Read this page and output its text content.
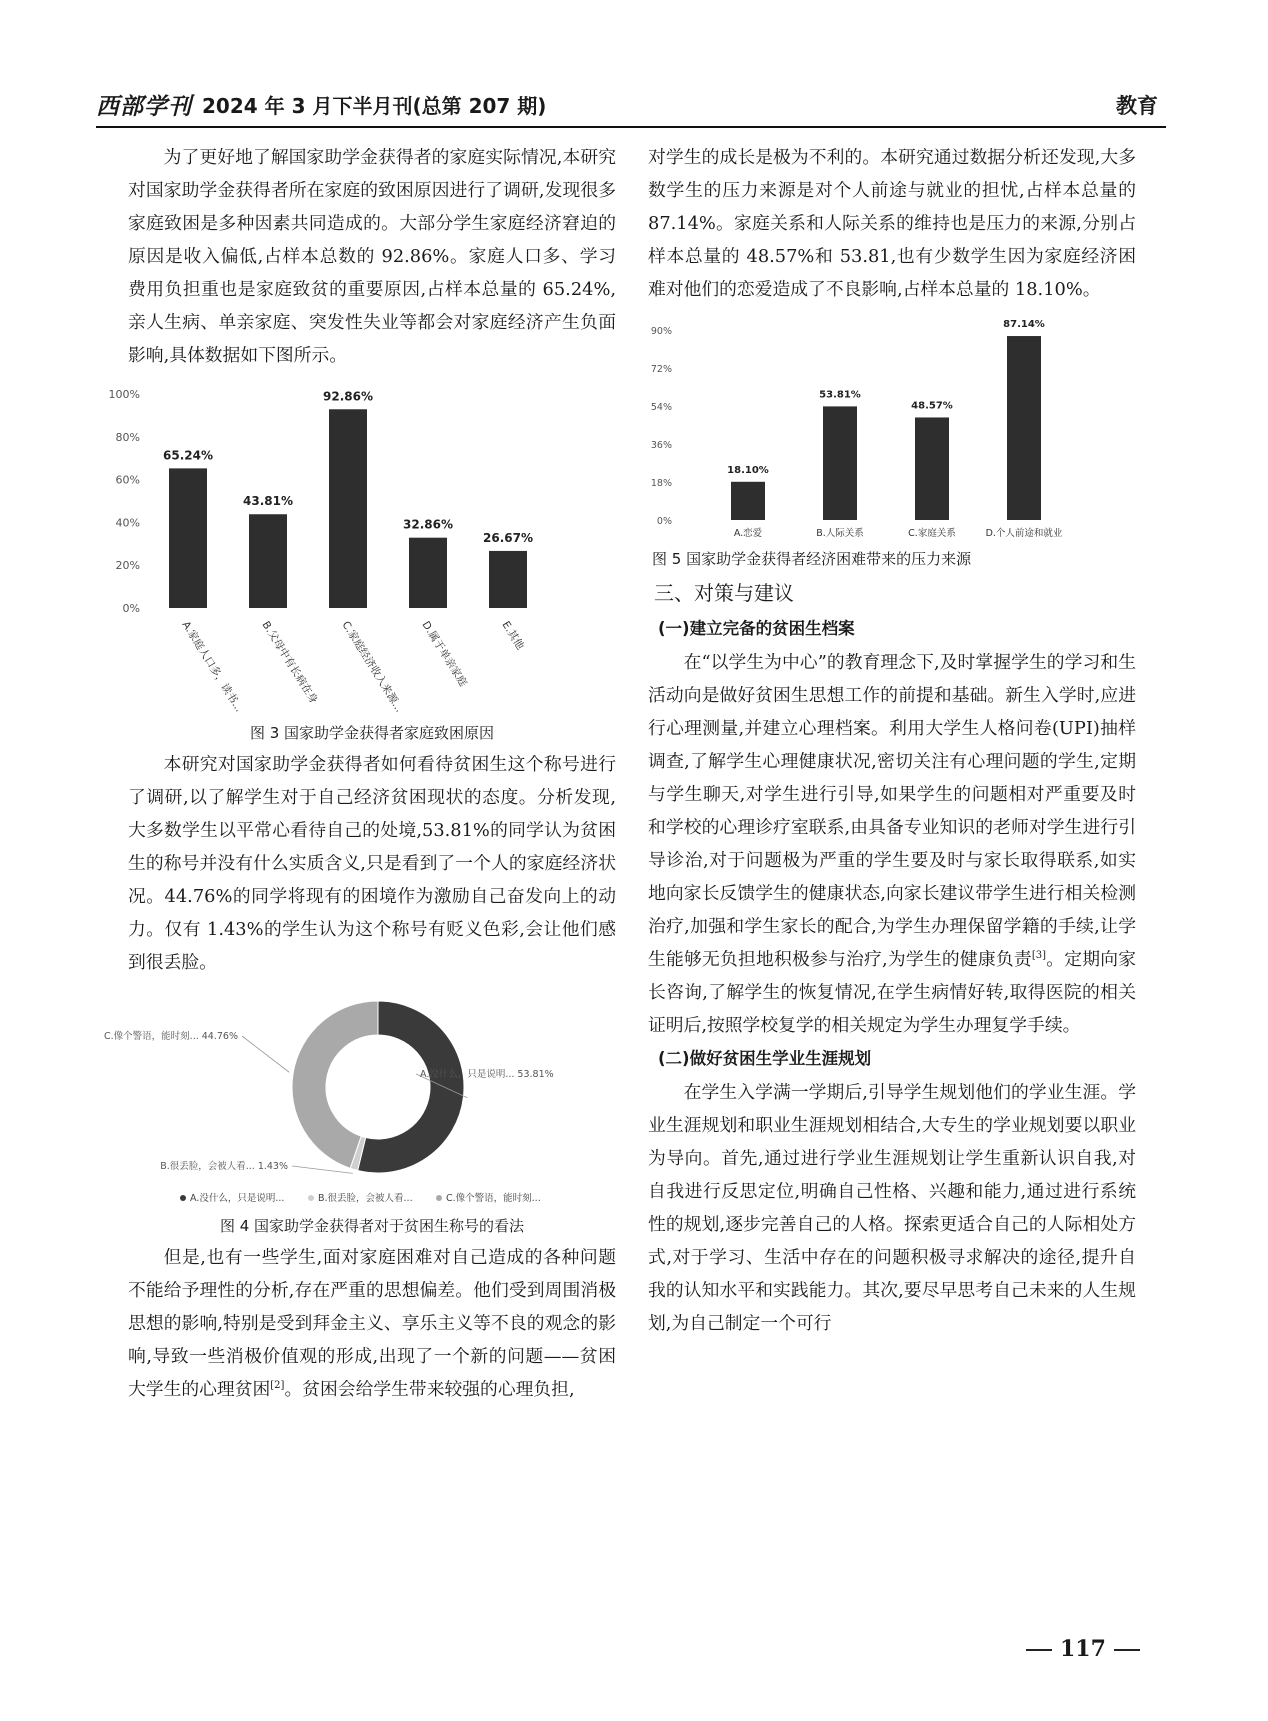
西部学刊 2024 年 3 月下半月刊(总第 207 期)	教育

为了更好地了解国家助学金获得者的家庭实际情况,本研究对国家助学金获得者所在家庭的致困原因进行了调研,发现很多家庭致困是多种因素共同造成的。大部分学生家庭经济窘迫的原因是收入偏低,占样本总数的 92.86%。家庭人口多、学习费用负担重也是家庭致贫的重要原因,占样本总量的 65.24%,亲人生病、单亲家庭、突发性失业等都会对家庭经济产生负面影响,具体数据如下图所示。

0%
20%
40%
60%
80%
100%
65.24%
A.家庭人口多，读书...
43.81%
B.父母中有长病在身
92.86%
C.家庭经济收入来源...
32.86%
D.属于单亲家庭
26.67%
E.其他

图 3 国家助学金获得者家庭致困原因

本研究对国家助学金获得者如何看待贫困生这个称号进行了调研,以了解学生对于自己经济贫困现状的态度。分析发现,大多数学生以平常心看待自己的处境,53.81%的同学认为贫困生的称号并没有什么实质含义,只是看到了一个人的家庭经济状况。44.76%的同学将现有的困境作为激励自己奋发向上的动力。仅有 1.43%的学生认为这个称号有贬义色彩,会让他们感到很丢脸。

A.没什么，只是说明... 53.81%
B.很丢脸，会被人看... 1.43%
C.像个警语，能时刻... 44.76%
A.没什么，只是说明...	B.很丢脸，会被人看...	C.像个警语，能时刻...

图 4 国家助学金获得者对于贫困生称号的看法

但是,也有一些学生,面对家庭困难对自己造成的各种问题不能给予理性的分析,存在严重的思想偏差。他们受到周围消极思想的影响,特别是受到拜金主义、享乐主义等不良的观念的影响,导致一些消极价值观的形成,出现了一个新的问题——贫困大学生的心理贫困[2]。贫困会给学生带来较强的心理负担,

对学生的成长是极为不利的。本研究通过数据分析还发现,大多数学生的压力来源是对个人前途与就业的担忧,占样本总量的 87.14%。家庭关系和人际关系的维持也是压力的来源,分别占样本总量的 48.57%和 53.81,也有少数学生因为家庭经济困难对他们的恋爱造成了不良影响,占样本总量的 18.10%。

0%
18%
36%
54%
72%
90%
18.10%
A.恋爱
53.81%
B.人际关系
48.57%
C.家庭关系
87.14%
D.个人前途和就业

图 5 国家助学金获得者经济困难带来的压力来源

三、对策与建议

(一)建立完备的贫困生档案

在“以学生为中心”的教育理念下,及时掌握学生的学习和生活动向是做好贫困生思想工作的前提和基础。新生入学时,应进行心理测量,并建立心理档案。利用大学生人格问卷(UPI)抽样调查,了解学生心理健康状况,密切关注有心理问题的学生,定期与学生聊天,对学生进行引导,如果学生的问题相对严重要及时和学校的心理诊疗室联系,由具备专业知识的老师对学生进行引导诊治,对于问题极为严重的学生要及时与家长取得联系,如实地向家长反馈学生的健康状态,向家长建议带学生进行相关检测治疗,加强和学生家长的配合,为学生办理保留学籍的手续,让学生能够无负担地积极参与治疗,为学生的健康负责[3]。定期向家长咨询,了解学生的恢复情况,在学生病情好转,取得医院的相关证明后,按照学校复学的相关规定为学生办理复学手续。

(二)做好贫困生学业生涯规划

在学生入学满一学期后,引导学生规划他们的学业生涯。学业生涯规划和职业生涯规划相结合,大专生的学业规划要以职业为导向。首先,通过进行学业生涯规划让学生重新认识自我,对自我进行反思定位,明确自己性格、兴趣和能力,通过进行系统性的规划,逐步完善自己的人格。探索更适合自己的人际相处方式,对于学习、生活中存在的问题积极寻求解决的途径,提升自我的认知水平和实践能力。其次,要尽早思考自己未来的人生规划,为自己制定一个可行

117
